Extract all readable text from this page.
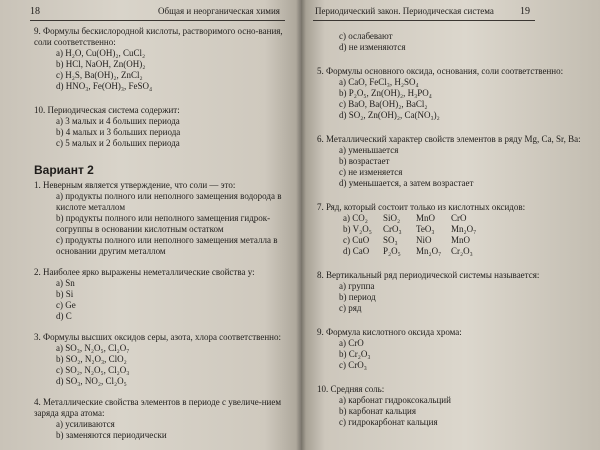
18	Общая и неорганическая химия
9. Формулы бескислородной кислоты, растворимого осно-вания, соли соответственно:
a) H₂O, Cu(OH)₂, CuCl₂
b) HCl, NaOH, Zn(OH)₂
c) H₂S, Ba(OH)₂, ZnCl₂
d) HNO₃, Fe(OH)₃, FeSO₄
10. Периодическая система содержит:
a) 3 малых и 4 больших периода
b) 4 малых и 3 больших периода
c) 5 малых и 2 больших периода
Вариант 2
1. Неверным является утверждение, что соли — это:
a) продукты полного или неполного замещения водорода в кислоте металлом
b) продукты полного или неполного замещения гидрок-согруппы в основании кислотным остатком
c) продукты полного или неполного замещения металла в основании другим металлом
2. Наиболее ярко выражены неметаллические свойства у:
a) Sn
b) Si
c) Ge
d) C
3. Формулы высших оксидов серы, азота, хлора соответственно:
a) SO₃, N₂O₅, Cl₂O₇
b) SO₂, N₂O₃, ClO₂
c) SO₂, N₂O₅, Cl₂O₃
d) SO₃, NO₂, Cl₂O₅
4. Металлические свойства элементов в периоде с увеличе-нием заряда ядра атома:
a) усиливаются
b) заменяются периодически
Периодический закон. Периодическая система	19
c) ослабевают
d) не изменяются
5. Формулы основного оксида, основания, соли соответственно:
a) CaO, FeCl₃, H₂SO₄
b) P₂O₅, Zn(OH)₂, H₃PO₄
c) BaO, Ba(OH)₂, BaCl₂
d) SO₂, Zn(OH)₂, Ca(NO₃)₂
6. Металлический характер свойств элементов в ряду Mg, Ca, Sr, Ba:
a) уменьшается
b) возрастает
c) не изменяется
d) уменьшается, а затем возрастает
7. Ряд, который состоит только из кислотных оксидов:
a) CO₂	SiO₂	MnO	CrO
b) V₂O₅	CrO₃	TeO₃	Mn₂O₇
c) CuO	SO₃	NiO	MnO
d) CaO	P₂O₅	Mn₂O₇	Cr₂O₃
8. Вертикальный ряд периодической системы называется:
a) группа
b) период
c) ряд
9. Формула кислотного оксида хрома:
a) CrO
b) Cr₂O₃
c) CrO₃
10. Средняя соль:
a) карбонат гидроксокальций
b) карбонат кальция
c) гидрокарбонат кальция
